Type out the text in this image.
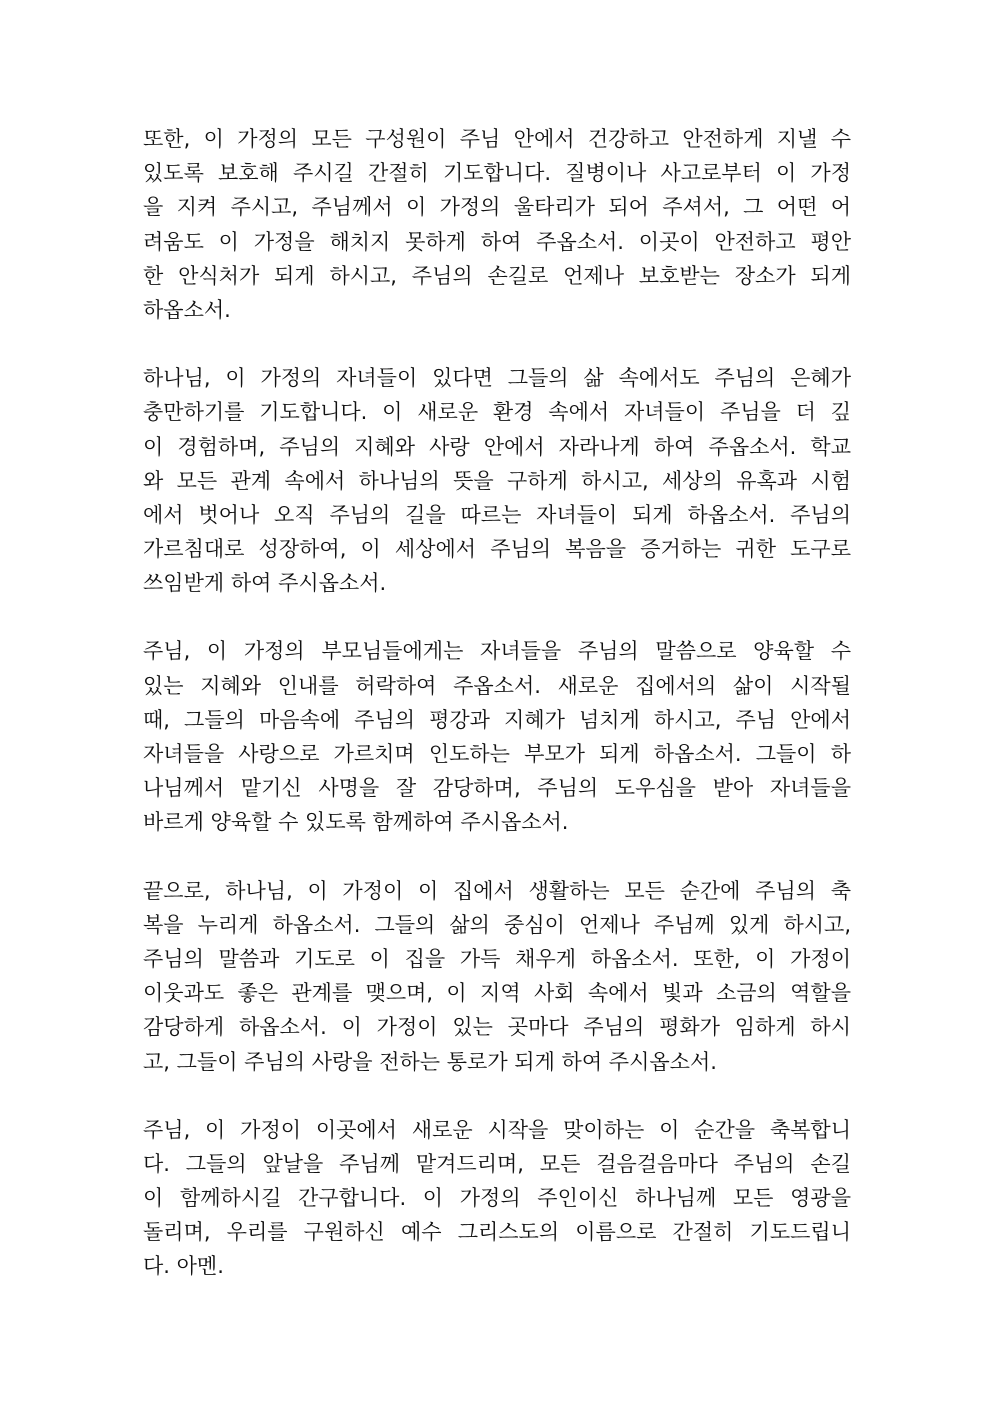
또한, 이 가정의 모든 구성원이 주님 안에서 건강하고 안전하게 지낼 수
있도록 보호해 주시길 간절히 기도합니다. 질병이나 사고로부터 이 가정
을 지켜 주시고, 주님께서 이 가정의 울타리가 되어 주셔서, 그 어떤 어
려움도 이 가정을 해치지 못하게 하여 주옵소서. 이곳이 안전하고 평안
한 안식처가 되게 하시고, 주님의 손길로 언제나 보호받는 장소가 되게
하옵소서.
하나님, 이 가정의 자녀들이 있다면 그들의 삶 속에서도 주님의 은혜가
충만하기를 기도합니다. 이 새로운 환경 속에서 자녀들이 주님을 더 깊
이 경험하며, 주님의 지혜와 사랑 안에서 자라나게 하여 주옵소서. 학교
와 모든 관계 속에서 하나님의 뜻을 구하게 하시고, 세상의 유혹과 시험
에서 벗어나 오직 주님의 길을 따르는 자녀들이 되게 하옵소서. 주님의
가르침대로 성장하여, 이 세상에서 주님의 복음을 증거하는 귀한 도구로
쓰임받게 하여 주시옵소서.
주님, 이 가정의 부모님들에게는 자녀들을 주님의 말씀으로 양육할 수
있는 지혜와 인내를 허락하여 주옵소서. 새로운 집에서의 삶이 시작될
때, 그들의 마음속에 주님의 평강과 지혜가 넘치게 하시고, 주님 안에서
자녀들을 사랑으로 가르치며 인도하는 부모가 되게 하옵소서. 그들이 하
나님께서 맡기신 사명을 잘 감당하며, 주님의 도우심을 받아 자녀들을
바르게 양육할 수 있도록 함께하여 주시옵소서.
끝으로, 하나님, 이 가정이 이 집에서 생활하는 모든 순간에 주님의 축
복을 누리게 하옵소서. 그들의 삶의 중심이 언제나 주님께 있게 하시고,
주님의 말씀과 기도로 이 집을 가득 채우게 하옵소서. 또한, 이 가정이
이웃과도 좋은 관계를 맺으며, 이 지역 사회 속에서 빛과 소금의 역할을
감당하게 하옵소서. 이 가정이 있는 곳마다 주님의 평화가 임하게 하시
고, 그들이 주님의 사랑을 전하는 통로가 되게 하여 주시옵소서.
주님, 이 가정이 이곳에서 새로운 시작을 맞이하는 이 순간을 축복합니
다. 그들의 앞날을 주님께 맡겨드리며, 모든 걸음걸음마다 주님의 손길
이 함께하시길 간구합니다. 이 가정의 주인이신 하나님께 모든 영광을
돌리며, 우리를 구원하신 예수 그리스도의 이름으로 간절히 기도드립니
다. 아멘.
